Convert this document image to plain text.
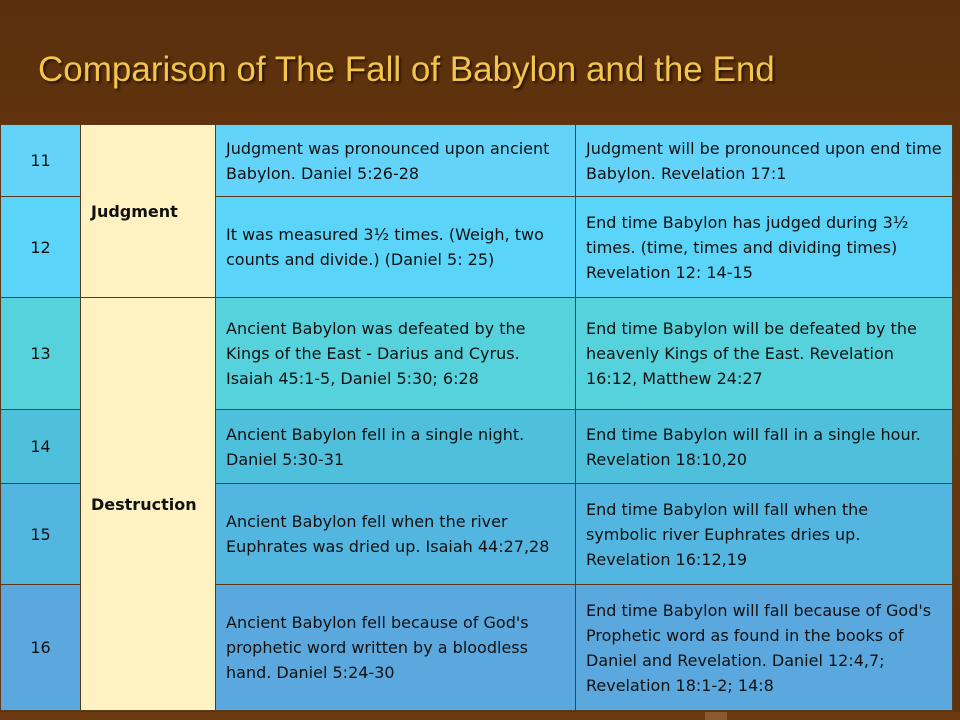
Comparison of The Fall of Babylon and the End
11	Judgment	Judgment was pronounced upon ancient Babylon. Daniel 5:26-28	Judgment will be pronounced upon end time Babylon. Revelation 17:1
12		It was measured 3½ times. (Weigh, two counts and divide.) (Daniel 5: 25)	End time Babylon has judged during 3½ times. (time, times and dividing times) Revelation 12: 14-15
13	Destruction	Ancient Babylon was defeated by the Kings of the East - Darius and Cyrus. Isaiah 45:1-5, Daniel 5:30; 6:28	End time Babylon will be defeated by the heavenly Kings of the East. Revelation 16:12, Matthew 24:27
14		Ancient Babylon fell in a single night. Daniel 5:30-31	End time Babylon will fall in a single hour. Revelation 18:10,20
15		Ancient Babylon fell when the river Euphrates was dried up. Isaiah 44:27,28	End time Babylon will fall when the symbolic river Euphrates dries up. Revelation 16:12,19
16		Ancient Babylon fell because of God's prophetic word written by a bloodless hand. Daniel 5:24-30	End time Babylon will fall because of God's Prophetic word as found in the books of Daniel and Revelation. Daniel 12:4,7; Revelation 18:1-2; 14:8
